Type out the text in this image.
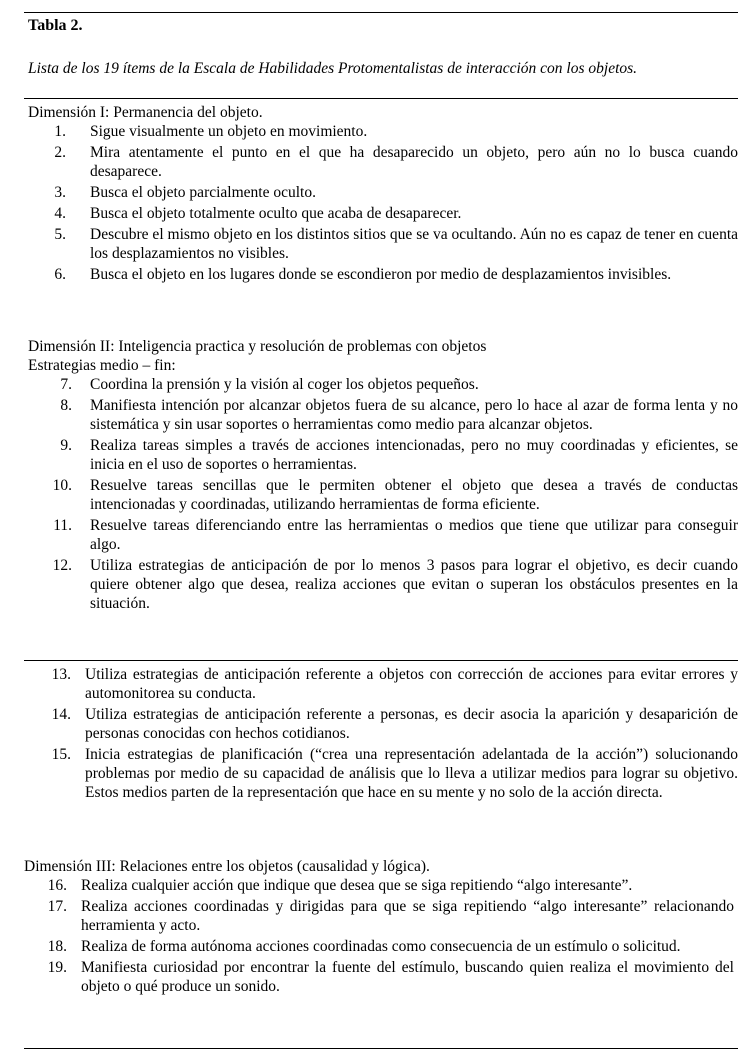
Tabla 2.
Lista de los 19 ítems de la Escala de Habilidades Protomentalistas de interacción con los objetos.

Dimensión I: Permanencia del objeto.

1. Sigue visualmente un objeto en movimiento.
2. Mira atentamente el punto en el que ha desaparecido un objeto, pero aún no lo busca cuando desaparece.
3. Busca el objeto parcialmente oculto.
4. Busca el objeto totalmente oculto que acaba de desaparecer.
5. Descubre el mismo objeto en los distintos sitios que se va ocultando. Aún no es capaz de tener en cuenta los desplazamientos no visibles.
6. Busca el objeto en los lugares donde se escondieron por medio de desplazamientos invisibles.

Dimensión II: Inteligencia practica y resolución de problemas con objetos

Estrategias medio – fin:

7. Coordina la prensión y la visión al coger los objetos pequeños.
8. Manifiesta intención por alcanzar objetos fuera de su alcance, pero lo hace al azar de forma lenta y no sistemática y sin usar soportes o herramientas como medio para alcanzar objetos.
9. Realiza tareas simples a través de acciones intencionadas, pero no muy coordinadas y eficientes, se inicia en el uso de soportes o herramientas.
10. Resuelve tareas sencillas que le permiten obtener el objeto que desea a través de conductas intencionadas y coordinadas, utilizando herramientas de forma eficiente.
11. Resuelve tareas diferenciando entre las herramientas o medios que tiene que utilizar para conseguir algo.
12. Utiliza estrategias de anticipación de por lo menos 3 pasos para lograr el objetivo, es decir cuando quiere obtener algo que desea, realiza acciones que evitan o superan los obstáculos presentes en la situación.
13. Utiliza estrategias de anticipación referente a objetos con corrección de acciones para evitar errores y automonitorea su conducta.
14. Utiliza estrategias de anticipación referente a personas, es decir asocia la aparición y desaparición de personas conocidas con hechos cotidianos.
15. Inicia estrategias de planificación (“crea una representación adelantada de la acción”) solucionando problemas por medio de su capacidad de análisis que lo lleva a utilizar medios para lograr su objetivo. Estos medios parten de la representación que hace en su mente y no solo de la acción directa.

Dimensión III: Relaciones entre los objetos (causalidad y lógica).

16. Realiza cualquier acción que indique que desea que se siga repitiendo “algo interesante”.
17. Realiza acciones coordinadas y dirigidas para que se siga repitiendo “algo interesante” relacionando herramienta y acto.
18. Realiza de forma autónoma acciones coordinadas como consecuencia de un estímulo o solicitud.
19. Manifiesta curiosidad por encontrar la fuente del estímulo, buscando quien realiza el movimiento del objeto o qué produce un sonido.
